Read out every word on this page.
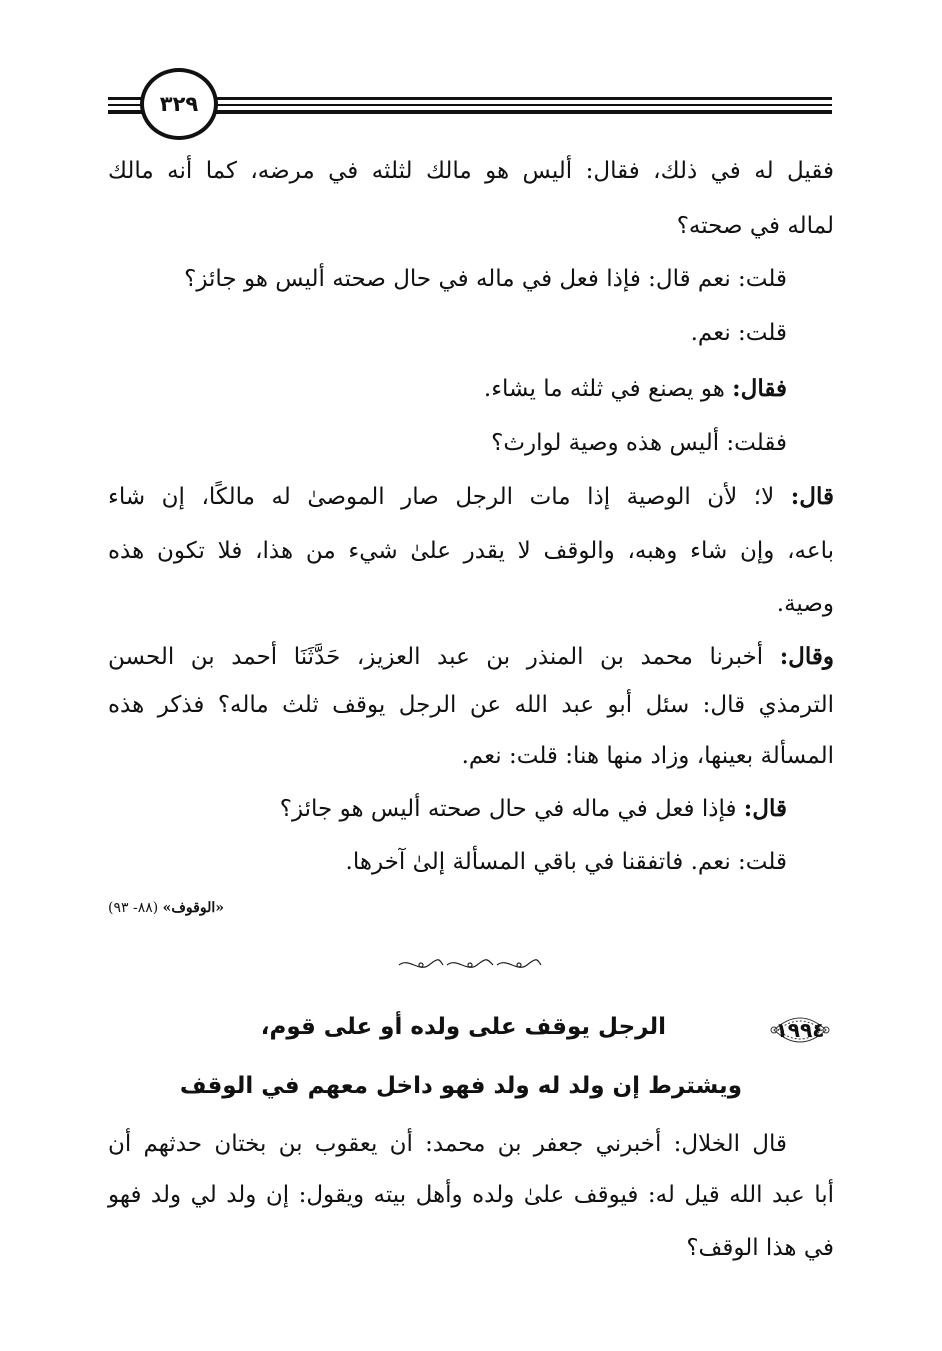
٣٢٩
فقيل له في ذلك، فقال: أليس هو مالك لثلثه في مرضه، كما أنه مالك
لماله في صحته؟
قلت: نعم قال: فإذا فعل في ماله في حال صحته أليس هو جائز؟
قلت: نعم.
فقال: هو يصنع في ثلثه ما يشاء.
فقلت: أليس هذه وصية لوارث؟
قال: لا؛ لأن الوصية إذا مات الرجل صار الموصىٰ له مالكًا، إن شاء
باعه، وإن شاء وهبه، والوقف لا يقدر علىٰ شيء من هذا، فلا تكون هذه
وصية.
وقال: أخبرنا محمد بن المنذر بن عبد العزيز، حَدَّثَنَا أحمد بن الحسن
الترمذي قال: سئل أبو عبد الله عن الرجل يوقف ثلث ماله؟ فذكر هذه
المسألة بعينها، وزاد منها هنا: قلت: نعم.
قال: فإذا فعل في ماله في حال صحته أليس هو جائز؟
قلت: نعم. فاتفقنا في باقي المسألة إلىٰ آخرها.
«الوقوف» (٨٨- ٩٣)
١٩٩٤
الرجل يوقف على ولده أو على قوم،
ويشترط إن ولد له ولد فهو داخل معهم في الوقف
قال الخلال: أخبرني جعفر بن محمد: أن يعقوب بن بختان حدثهم أن
أبا عبد الله قيل له: فيوقف علىٰ ولده وأهل بيته ويقول: إن ولد لي ولد فهو
في هذا الوقف؟
